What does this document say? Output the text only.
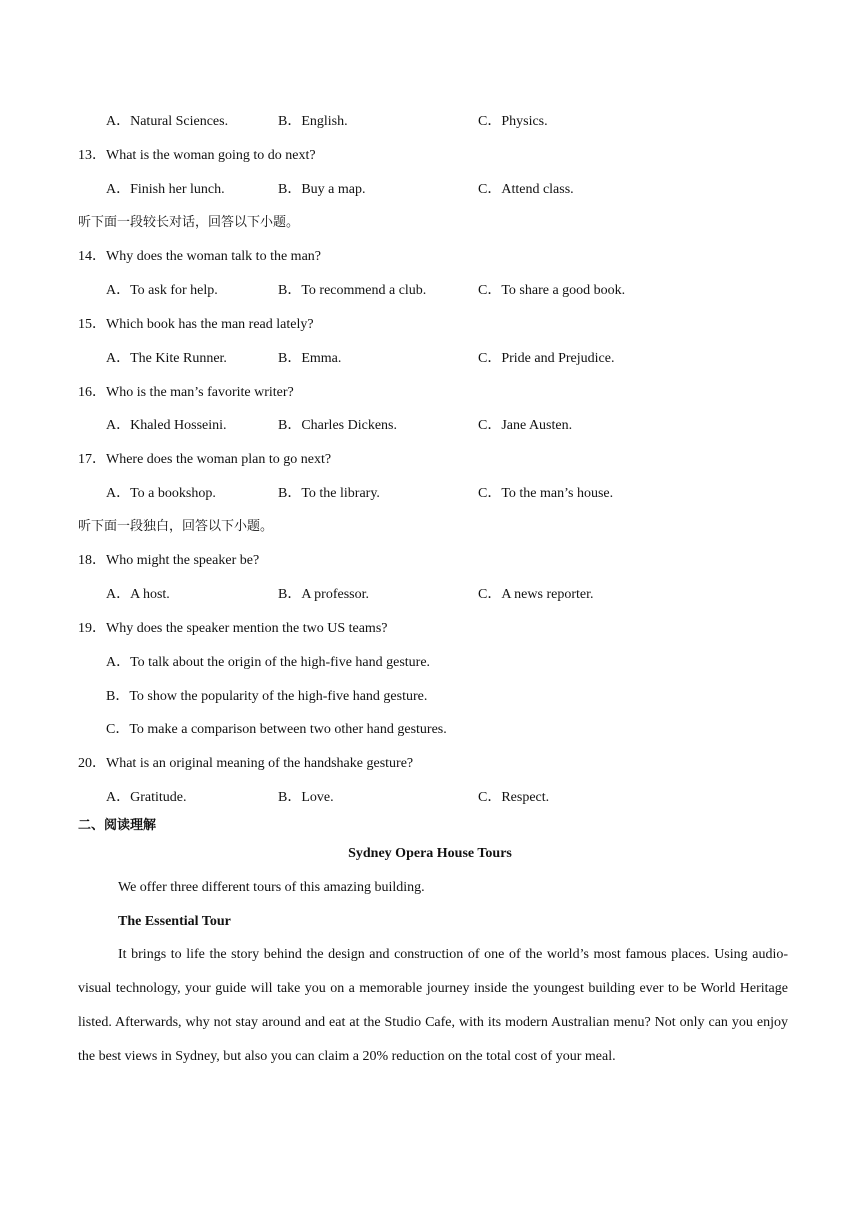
A．Natural Sciences.	B．English.	C．Physics.
13．What is the woman going to do next?
A．Finish her lunch.	B．Buy a map.	C．Attend class.
听下面一段较长对话，回答以下小题。
14．Why does the woman talk to the man?
A．To ask for help.	B．To recommend a club.	C．To share a good book.
15．Which book has the man read lately?
A．The Kite Runner.	B．Emma.	C．Pride and Prejudice.
16．Who is the man’s favorite writer?
A．Khaled Hosseini.	B．Charles Dickens.	C．Jane Austen.
17．Where does the woman plan to go next?
A．To a bookshop.	B．To the library.	C．To the man’s house.
听下面一段独白，回答以下小题。
18．Who might the speaker be?
A．A host.	B．A professor.	C．A news reporter.
19．Why does the speaker mention the two US teams?
A．To talk about the origin of the high-five hand gesture.
B．To show the popularity of the high-five hand gesture.
C．To make a comparison between two other hand gestures.
20．What is an original meaning of the handshake gesture?
A．Gratitude.	B．Love.	C．Respect.
二、阅读理解
Sydney Opera House Tours
We offer three different tours of this amazing building.
The Essential Tour
It brings to life the story behind the design and construction of one of the world’s most famous places. Using audio-visual technology, your guide will take you on a memorable journey inside the youngest building ever to be World Heritage listed. Afterwards, why not stay around and eat at the Studio Cafe, with its modern Australian menu? Not only can you enjoy the best views in Sydney, but also you can claim a 20% reduction on the total cost of your meal.
